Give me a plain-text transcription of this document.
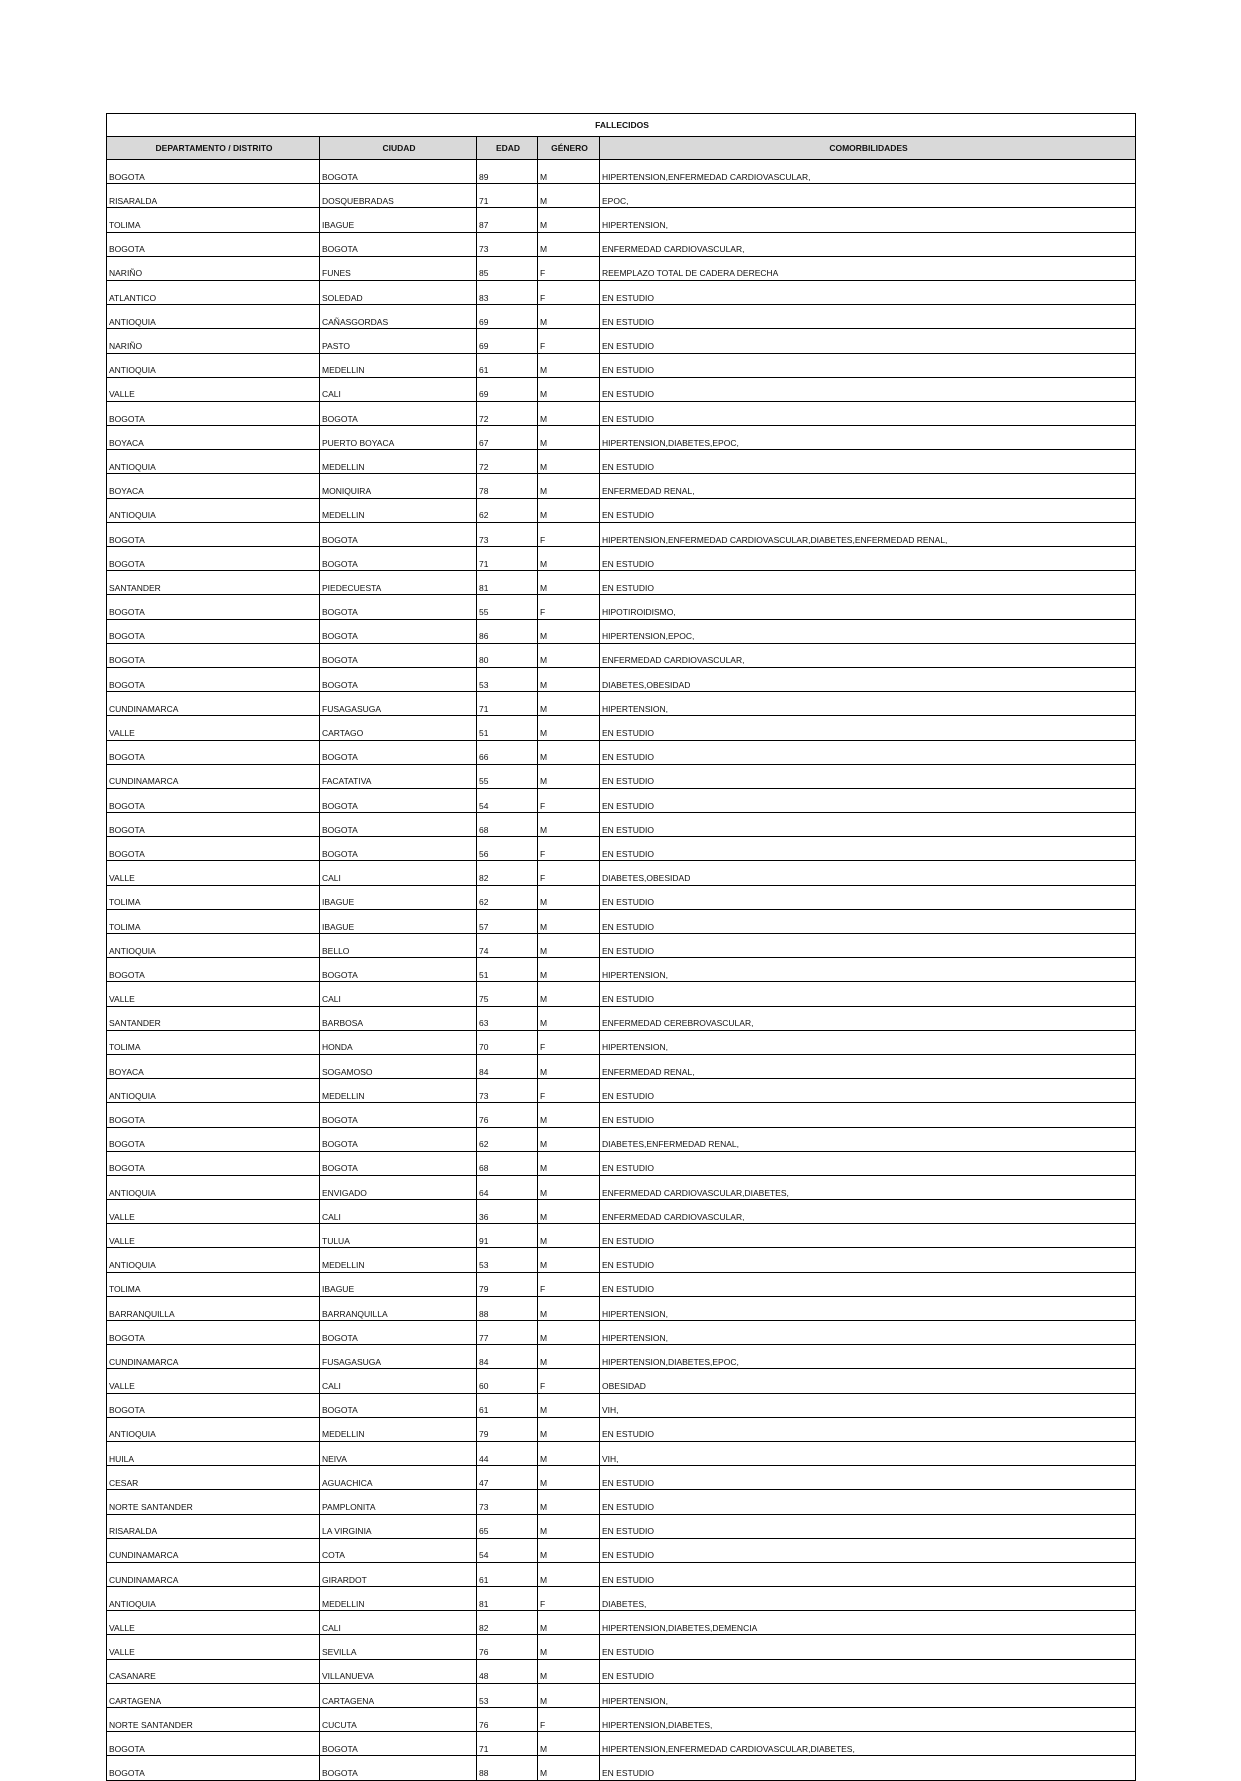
FALLECIDOS				
DEPARTAMENTO / DISTRITO	CIUDAD	EDAD	GÉNERO	COMORBILIDADES
BOGOTA	BOGOTA	89	M	HIPERTENSION,ENFERMEDAD CARDIOVASCULAR,
RISARALDA	DOSQUEBRADAS	71	M	EPOC,
TOLIMA	IBAGUE	87	M	HIPERTENSION,
BOGOTA	BOGOTA	73	M	ENFERMEDAD CARDIOVASCULAR,
NARIÑO	FUNES	85	F	REEMPLAZO TOTAL DE CADERA DERECHA
ATLANTICO	SOLEDAD	83	F	EN ESTUDIO
ANTIOQUIA	CAÑASGORDAS	69	M	EN ESTUDIO
NARIÑO	PASTO	69	F	EN ESTUDIO
ANTIOQUIA	MEDELLIN	61	M	EN ESTUDIO
VALLE	CALI	69	M	EN ESTUDIO
BOGOTA	BOGOTA	72	M	EN ESTUDIO
BOYACA	PUERTO BOYACA	67	M	HIPERTENSION,DIABETES,EPOC,
ANTIOQUIA	MEDELLIN	72	M	EN ESTUDIO
BOYACA	MONIQUIRA	78	M	ENFERMEDAD RENAL,
ANTIOQUIA	MEDELLIN	62	M	EN ESTUDIO
BOGOTA	BOGOTA	73	F	HIPERTENSION,ENFERMEDAD CARDIOVASCULAR,DIABETES,ENFERMEDAD RENAL,
BOGOTA	BOGOTA	71	M	EN ESTUDIO
SANTANDER	PIEDECUESTA	81	M	EN ESTUDIO
BOGOTA	BOGOTA	55	F	HIPOTIROIDISMO,
BOGOTA	BOGOTA	86	M	HIPERTENSION,EPOC,
BOGOTA	BOGOTA	80	M	ENFERMEDAD CARDIOVASCULAR,
BOGOTA	BOGOTA	53	M	DIABETES,OBESIDAD
CUNDINAMARCA	FUSAGASUGA	71	M	HIPERTENSION,
VALLE	CARTAGO	51	M	EN ESTUDIO
BOGOTA	BOGOTA	66	M	EN ESTUDIO
CUNDINAMARCA	FACATATIVA	55	M	EN ESTUDIO
BOGOTA	BOGOTA	54	F	EN ESTUDIO
BOGOTA	BOGOTA	68	M	EN ESTUDIO
BOGOTA	BOGOTA	56	F	EN ESTUDIO
VALLE	CALI	82	F	DIABETES,OBESIDAD
TOLIMA	IBAGUE	62	M	EN ESTUDIO
TOLIMA	IBAGUE	57	M	EN ESTUDIO
ANTIOQUIA	BELLO	74	M	EN ESTUDIO
BOGOTA	BOGOTA	51	M	HIPERTENSION,
VALLE	CALI	75	M	EN ESTUDIO
SANTANDER	BARBOSA	63	M	ENFERMEDAD CEREBROVASCULAR,
TOLIMA	HONDA	70	F	HIPERTENSION,
BOYACA	SOGAMOSO	84	M	ENFERMEDAD RENAL,
ANTIOQUIA	MEDELLIN	73	F	EN ESTUDIO
BOGOTA	BOGOTA	76	M	EN ESTUDIO
BOGOTA	BOGOTA	62	M	DIABETES,ENFERMEDAD RENAL,
BOGOTA	BOGOTA	68	M	EN ESTUDIO
ANTIOQUIA	ENVIGADO	64	M	ENFERMEDAD CARDIOVASCULAR,DIABETES,
VALLE	CALI	36	M	ENFERMEDAD CARDIOVASCULAR,
VALLE	TULUA	91	M	EN ESTUDIO
ANTIOQUIA	MEDELLIN	53	M	EN ESTUDIO
TOLIMA	IBAGUE	79	F	EN ESTUDIO
BARRANQUILLA	BARRANQUILLA	88	M	HIPERTENSION,
BOGOTA	BOGOTA	77	M	HIPERTENSION,
CUNDINAMARCA	FUSAGASUGA	84	M	HIPERTENSION,DIABETES,EPOC,
VALLE	CALI	60	F	OBESIDAD
BOGOTA	BOGOTA	61	M	VIH,
ANTIOQUIA	MEDELLIN	79	M	EN ESTUDIO
HUILA	NEIVA	44	M	VIH,
CESAR	AGUACHICA	47	M	EN ESTUDIO
NORTE SANTANDER	PAMPLONITA	73	M	EN ESTUDIO
RISARALDA	LA VIRGINIA	65	M	EN ESTUDIO
CUNDINAMARCA	COTA	54	M	EN ESTUDIO
CUNDINAMARCA	GIRARDOT	61	M	EN ESTUDIO
ANTIOQUIA	MEDELLIN	81	F	DIABETES,
VALLE	CALI	82	M	HIPERTENSION,DIABETES,DEMENCIA
VALLE	SEVILLA	76	M	EN ESTUDIO
CASANARE	VILLANUEVA	48	M	EN ESTUDIO
CARTAGENA	CARTAGENA	53	M	HIPERTENSION,
NORTE SANTANDER	CUCUTA	76	F	HIPERTENSION,DIABETES,
BOGOTA	BOGOTA	71	M	HIPERTENSION,ENFERMEDAD CARDIOVASCULAR,DIABETES,
BOGOTA	BOGOTA	88	M	EN ESTUDIO
